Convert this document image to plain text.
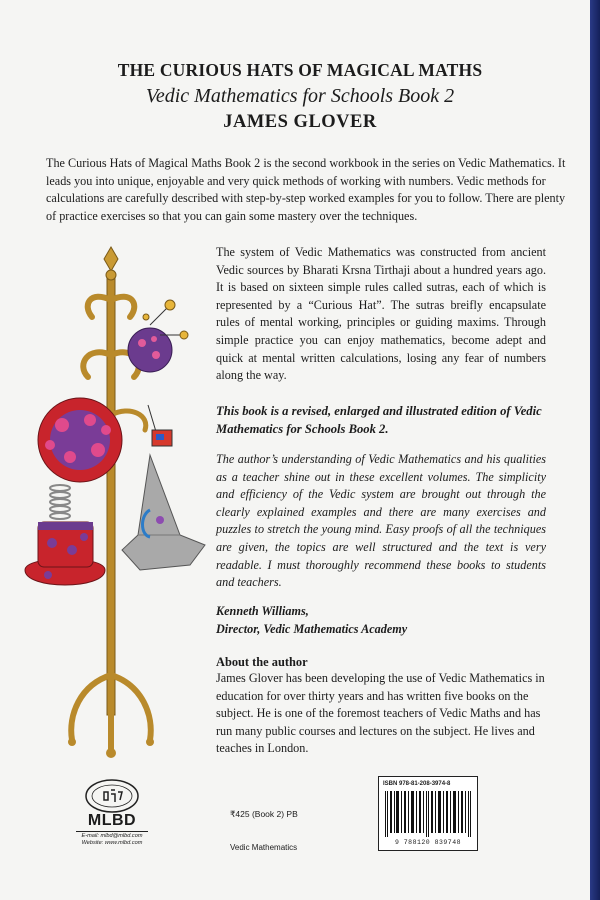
THE CURIOUS HATS OF MAGICAL MATHS
Vedic Mathematics for Schools Book 2
JAMES GLOVER

The Curious Hats of Magical Maths Book 2 is the second workbook in the series on Vedic Mathematics. It leads you into unique, enjoyable and very quick methods of working with numbers. Vedic methods for calculations are carefully described with step-by-step worked examples for you to follow. There are plenty of practice exercises so that you can gain some mastery over the techniques.

The system of Vedic Mathematics was constructed from ancient Vedic sources by Bharati Krsna Tirthaji about a hundred years ago. It is based on sixteen simple rules called sutras, each of which is represented by a “Curious Hat”. The sutras breifly encapsulate rules of mental working, principles or guiding maxims. Through simple practice you can enjoy mathematics, become adept and quick at mental written calculations, losing any fear of numbers along the way.

This book is a revised, enlarged and illustrated edition of Vedic Mathematics for Schools Book 2.

The author’s understanding of Vedic Mathematics and his qualities as a teacher shine out in these excellent volumes. The simplicity and efficiency of the Vedic system are brought out through the clearly explained examples and there are many exercises and puzzles to stretch the young mind. Easy proofs of all the techniques are given, the topics are well structured and the text is very readable. I must thoroughly recommend these books to students and teachers.

Kenneth Williams,
Director, Vedic Mathematics Academy
About the author

James Glover has been developing the use of Vedic Mathematics in education for over thirty years and has written five books on the subject. He is one of the foremost teachers of Vedic Maths and has run many public courses and lectures on the subject. He lives and teaches in London.

MLBD
E-mail: mlbd@mlbd.com
Website: www.mlbd.com
₹425 (Book 2) PB
Vedic Mathematics
ISBN 978-81-208-3974-8
9 788120 839748
